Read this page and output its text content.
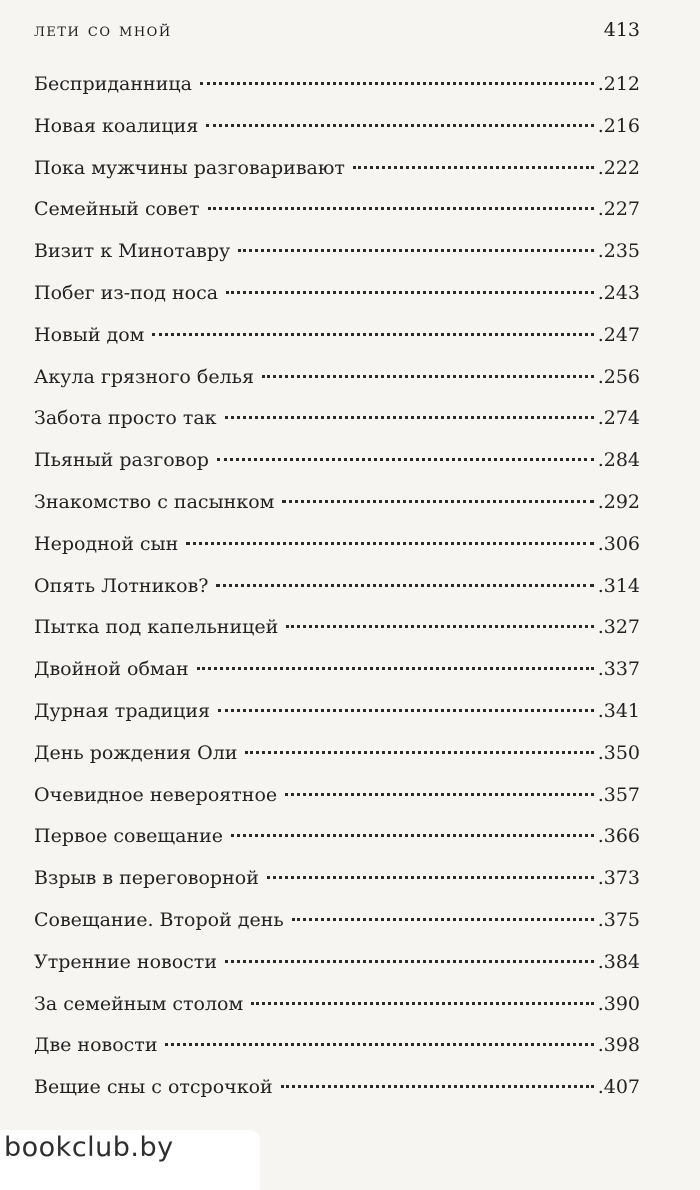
лети со мной	413
Бесприданница	.212
Новая коалиция	.216
Пока мужчины разговаривают	.222
Семейный совет	.227
Визит к Минотавру	.235
Побег из-под носа	.243
Новый дом	.247
Акула грязного белья	.256
Забота просто так	.274
Пьяный разговор	.284
Знакомство с пасынком	.292
Неродной сын	.306
Опять Лотников?	.314
Пытка под капельницей	.327
Двойной обман	.337
Дурная традиция	.341
День рождения Оли	.350
Очевидное невероятное	.357
Первое совещание	.366
Взрыв в переговорной	.373
Совещание. Второй день	.375
Утренние новости	.384
За семейным столом	.390
Две новости	.398
Вещие сны с отсрочкой	.407
bookclub.by
